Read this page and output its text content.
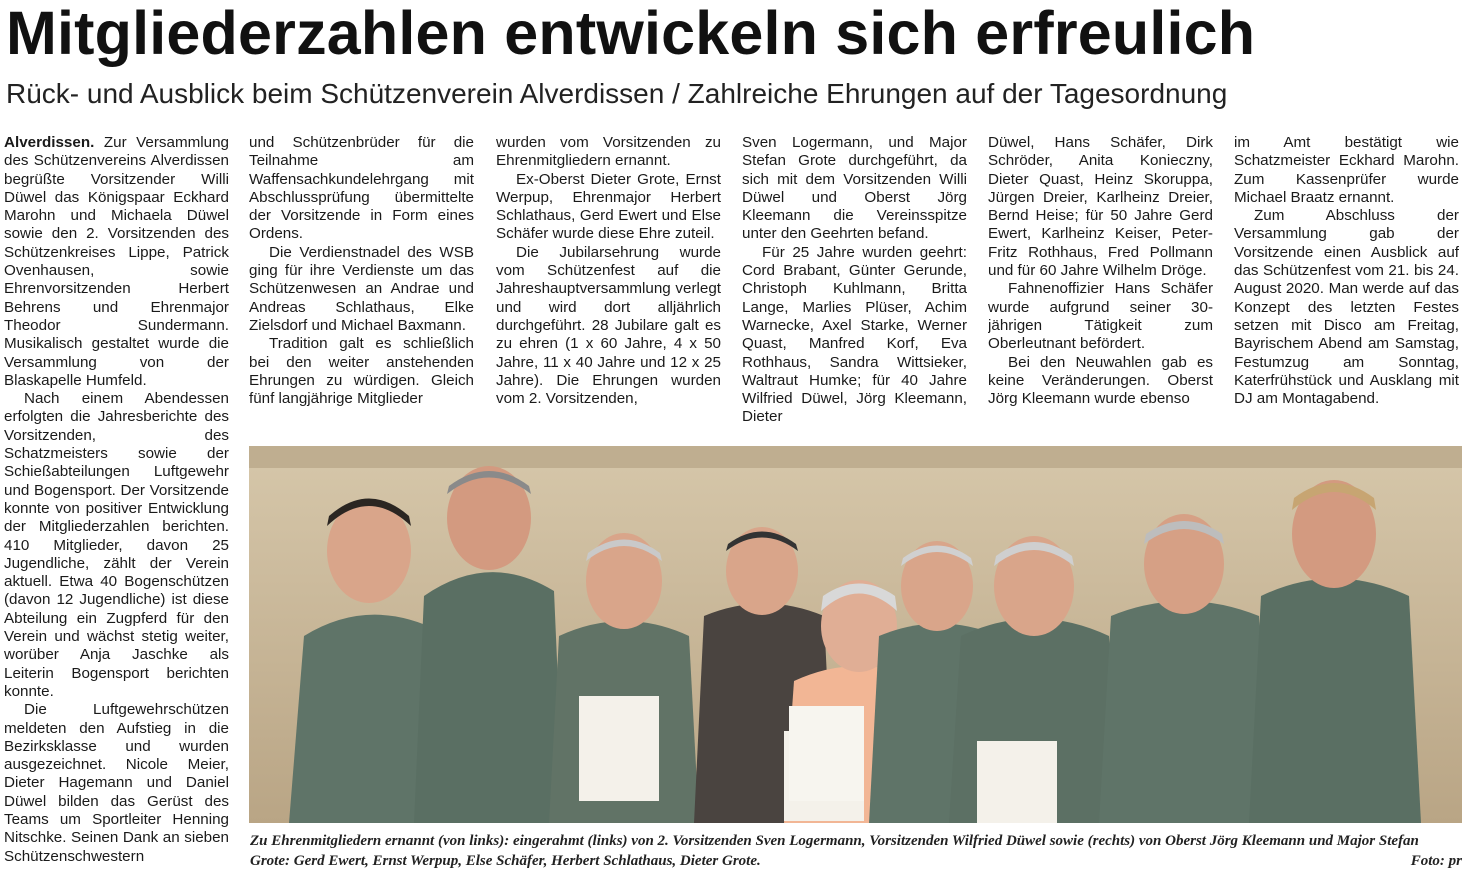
Mitgliederzahlen entwickeln sich erfreulich
Rück- und Ausblick beim Schützenverein Alverdissen / Zahlreiche Ehrungen auf der Tagesordnung

Alverdissen. Zur Versammlung des Schützenvereins Alverdissen begrüßte Vorsitzender Willi Düwel das Königspaar Eckhard Marohn und Michaela Düwel sowie den 2. Vorsitzenden des Schützenkreises Lippe, Patrick Ovenhausen, sowie Ehrenvorsitzenden Herbert Behrens und Ehrenmajor Theodor Sundermann. Musikalisch gestaltet wurde die Versammlung von der Blaskapelle Humfeld.

Nach einem Abendessen erfolgten die Jahresberichte des Vorsitzenden, des Schatzmeisters sowie der Schießabteilungen Luftgewehr und Bogensport. Der Vorsitzende konnte von positiver Entwicklung der Mitgliederzahlen berichten. 410 Mitglieder, davon 25 Jugendliche, zählt der Verein aktuell. Etwa 40 Bogenschützen (davon 12 Jugendliche) ist diese Abteilung ein Zugpferd für den Verein und wächst stetig weiter, worüber Anja Jaschke als Leiterin Bogensport berichten konnte.

Die Luftgewehrschützen meldeten den Aufstieg in die Bezirksklasse und wurden ausgezeichnet. Nicole Meier, Dieter Hagemann und Daniel Düwel bilden das Gerüst des Teams um Sportleiter Henning Nitschke. Seinen Dank an sieben Schützenschwestern

und Schützenbrüder für die Teilnahme am Waffensachkundelehrgang mit Abschlussprüfung übermittelte der Vorsitzende in Form eines Ordens.

Die Verdienstnadel des WSB ging für ihre Verdienste um das Schützenwesen an Andrae und Andreas Schlathaus, Elke Zielsdorf und Michael Baxmann.

Tradition galt es schließlich bei den weiter anstehenden Ehrungen zu würdigen. Gleich fünf langjährige Mitglieder

wurden vom Vorsitzenden zu Ehrenmitgliedern ernannt.

Ex-Oberst Dieter Grote, Ernst Werpup, Ehrenmajor Herbert Schlathaus, Gerd Ewert und Else Schäfer wurde diese Ehre zuteil.

Die Jubilarsehrung wurde vom Schützenfest auf die Jahreshauptversammlung verlegt und wird dort alljährlich durchgeführt. 28 Jubilare galt es zu ehren (1 x 60 Jahre, 4 x 50 Jahre, 11 x 40 Jahre und 12 x 25 Jahre). Die Ehrungen wurden vom 2. Vorsitzenden,

Sven Logermann, und Major Stefan Grote durchgeführt, da sich mit dem Vorsitzenden Willi Düwel und Oberst Jörg Kleemann die Vereinsspitze unter den Geehrten befand.

Für 25 Jahre wurden geehrt: Cord Brabant, Günter Gerunde, Christoph Kuhlmann, Britta Lange, Marlies Plüser, Achim Warnecke, Axel Starke, Werner Quast, Manfred Korf, Eva Rothhaus, Sandra Wittsieker, Waltraut Humke; für 40 Jahre Wilfried Düwel, Jörg Kleemann, Dieter

Düwel, Hans Schäfer, Dirk Schröder, Anita Konieczny, Dieter Quast, Heinz Skoruppa, Jürgen Dreier, Karlheinz Dreier, Bernd Heise; für 50 Jahre Gerd Ewert, Karlheinz Keiser, Peter-Fritz Rothhaus, Fred Pollmann und für 60 Jahre Wilhelm Dröge.

Fahnenoffizier Hans Schäfer wurde aufgrund seiner 30-jährigen Tätigkeit zum Oberleutnant befördert.

Bei den Neuwahlen gab es keine Veränderungen. Oberst Jörg Kleemann wurde ebenso

im Amt bestätigt wie Schatzmeister Eckhard Marohn. Zum Kassenprüfer wurde Michael Braatz ernannt.

Zum Abschluss der Versammlung gab der Vorsitzende einen Ausblick auf das Schützenfest vom 21. bis 24. August 2020. Man werde auf das Konzept des letzten Festes setzen mit Disco am Freitag, Bayrischem Abend am Samstag, Festumzug am Sonntag, Katerfrühstück und Ausklang mit DJ am Montagabend.

Zu Ehrenmitgliedern ernannt (von links): eingerahmt (links) von 2. Vorsitzenden Sven Logermann, Vorsitzenden Wilfried Düwel sowie (rechts) von Oberst Jörg Kleemann und Major Stefan Grote: Gerd Ewert, Ernst Werpup, Else Schäfer, Herbert Schlathaus, Dieter Grote.	Foto: pr
